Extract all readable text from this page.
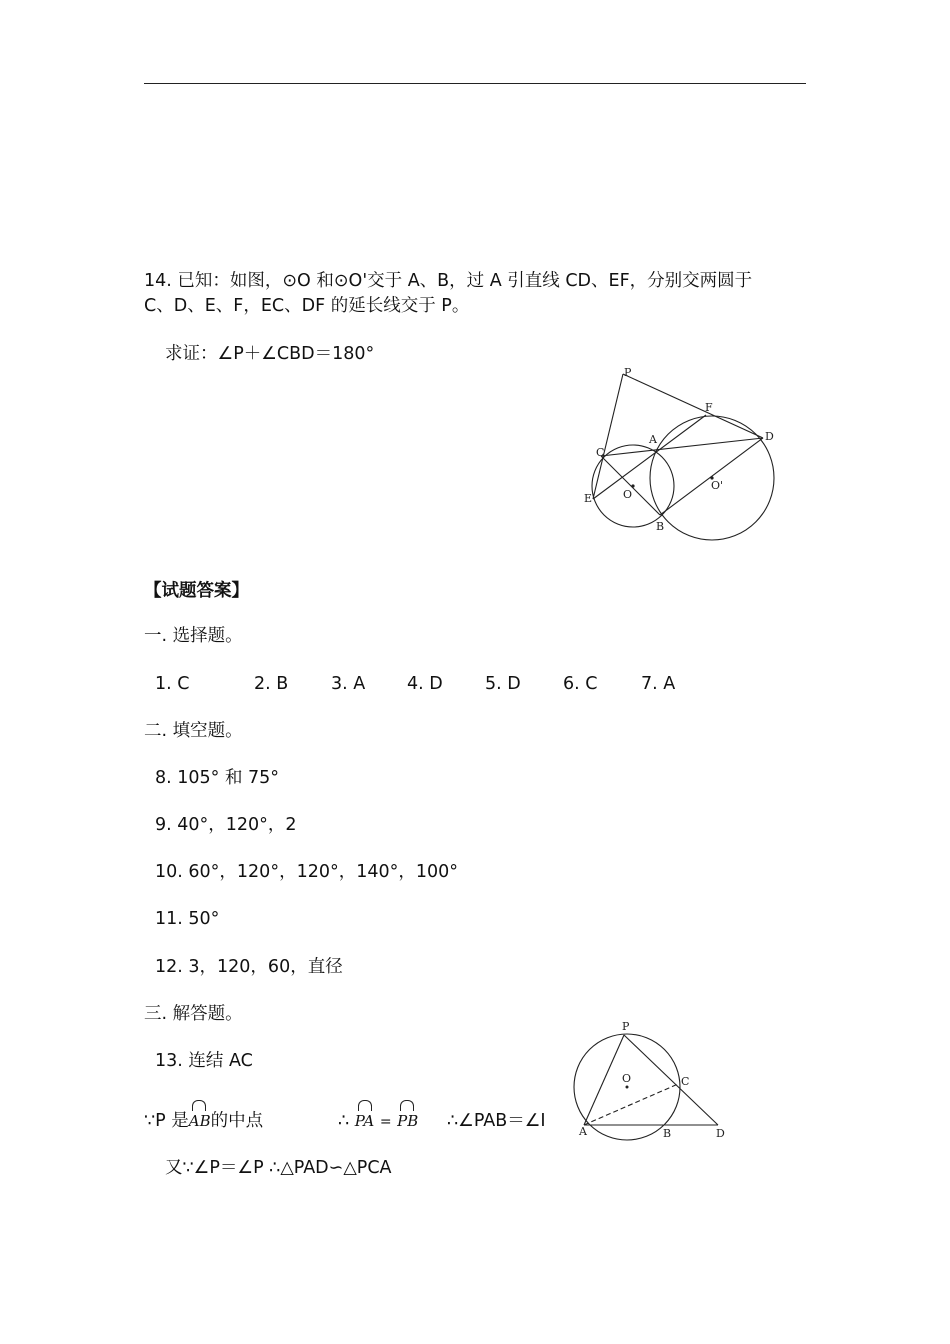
14. 已知：如图，⊙O 和⊙O'交于 A、B，过 A 引直线 CD、EF，分别交两圆于
C、D、E、F，EC、DF 的延长线交于 P。
求证：∠P＋∠CBD＝180°
P
F
A	D
C
E	O
O'
B
【试题答案】
一. 选择题。
1. C	2. B 3. A 4. D 5. D 6. C 7. A
二. 填空题。
8. 105° 和 75°
9. 40°，120°，2
10. 60°，120°，120°，140°，100°
11. 50°
12. 3，120，60，直径
三. 解答题。
13. 连结 AC
∵P 是AB的中点	∴ PA = PB ∴∠PAB＝∠I
又∵∠P＝∠P ∴△PAD∽△PCA
P
O	C
A	B	D
